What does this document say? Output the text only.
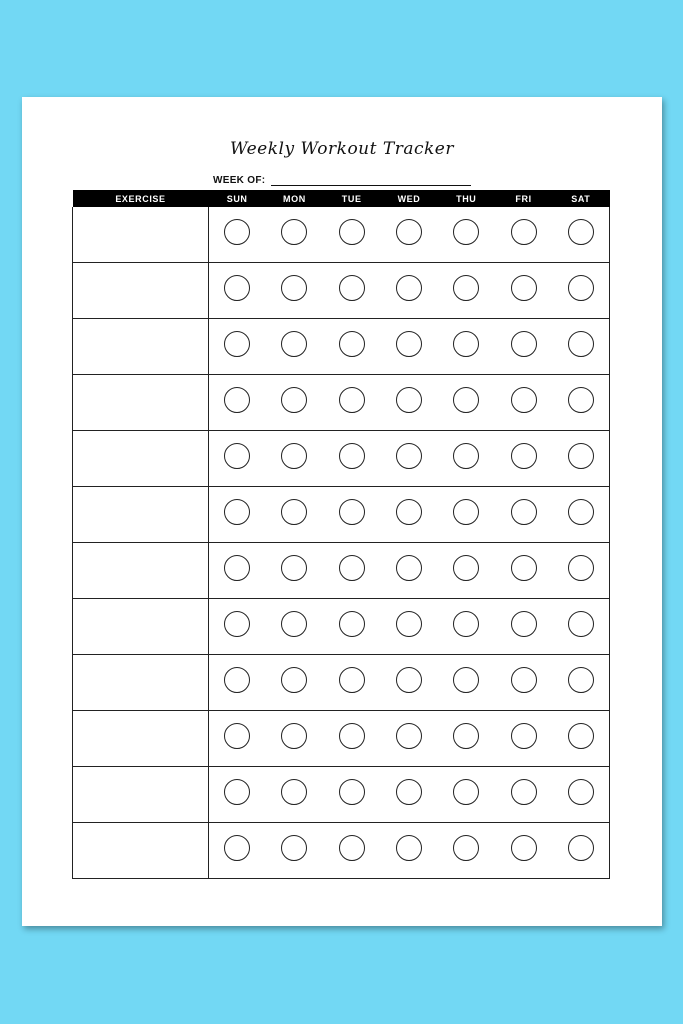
Weekly Workout Tracker
WEEK OF:
EXERCISE	SUN	MON	TUE	WED	THU	FRI	SAT
